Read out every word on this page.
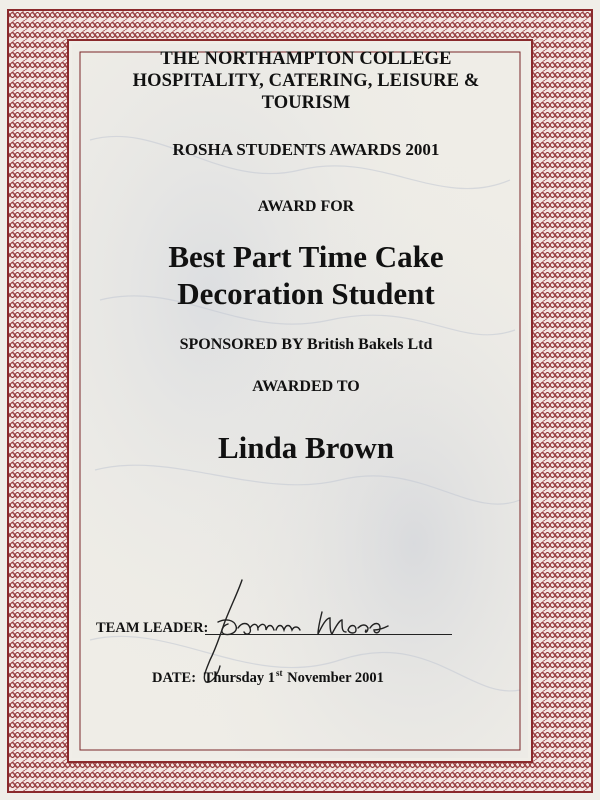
THE NORTHAMPTON COLLEGE
HOSPITALITY, CATERING, LEISURE &
TOURISM
ROSHA STUDENTS AWARDS 2001
AWARD FOR
Best Part Time Cake
Decoration Student
SPONSORED BY British Bakels Ltd
AWARDED TO
Linda Brown
TEAM LEADER:
DATE: Thursday 1st November 2001
